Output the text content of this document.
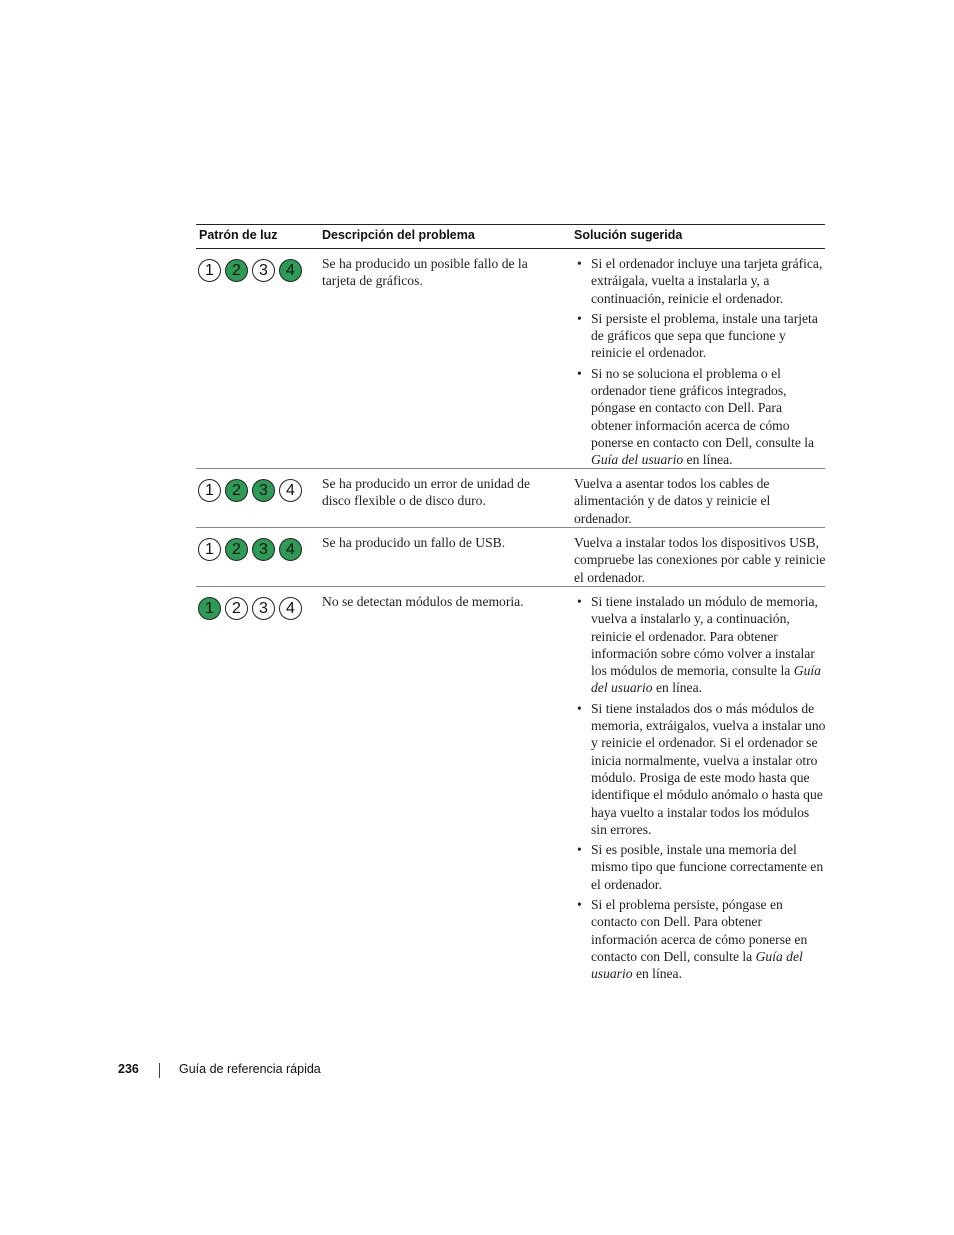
Patrón de luz	Descripción del problema	Solución sugerida
1	2	3	4	Se ha producido un posible fallo de la tarjeta de gráficos.
• Si el ordenador incluye una tarjeta gráfica, extráigala, vuelta a instalarla y, a continuación, reinicie el ordenador.
• Si persiste el problema, instale una tarjeta de gráficos que sepa que funcione y reinicie el ordenador.
• Si no se soluciona el problema o el ordenador tiene gráficos integrados, póngase en contacto con Dell. Para obtener información acerca de cómo ponerse en contacto con Dell, consulte la Guía del usuario en línea.
1	2	3	4	Se ha producido un error de unidad de disco flexible o de disco duro.

Vuelva a asentar todos los cables de alimentación y de datos y reinicie el ordenador.

1	2	3	4	Se ha producido un fallo de USB.	Vuelva a instalar todos los dispositivos USB, compruebe las conexiones por cable y reinicie el ordenador.

1	2	3	4	No se detectan módulos de memoria.	• Si tiene instalado un módulo de memoria, vuelva a instalarlo y, a continuación, reinicie el ordenador. Para obtener información sobre cómo volver a instalar los módulos de memoria, consulte la Guía del usuario en línea.
• Si tiene instalados dos o más módulos de memoria, extráigalos, vuelva a instalar uno y reinicie el ordenador. Si el ordenador se inicia normalmente, vuelva a instalar otro módulo. Prosiga de este modo hasta que identifique el módulo anómalo o hasta que haya vuelto a instalar todos los módulos sin errores.
• Si es posible, instale una memoria del mismo tipo que funcione correctamente en el ordenador.
• Si el problema persiste, póngase en contacto con Dell. Para obtener información acerca de cómo ponerse en contacto con Dell, consulte la Guía del usuario en línea.
236	Guía de referencia rápida
